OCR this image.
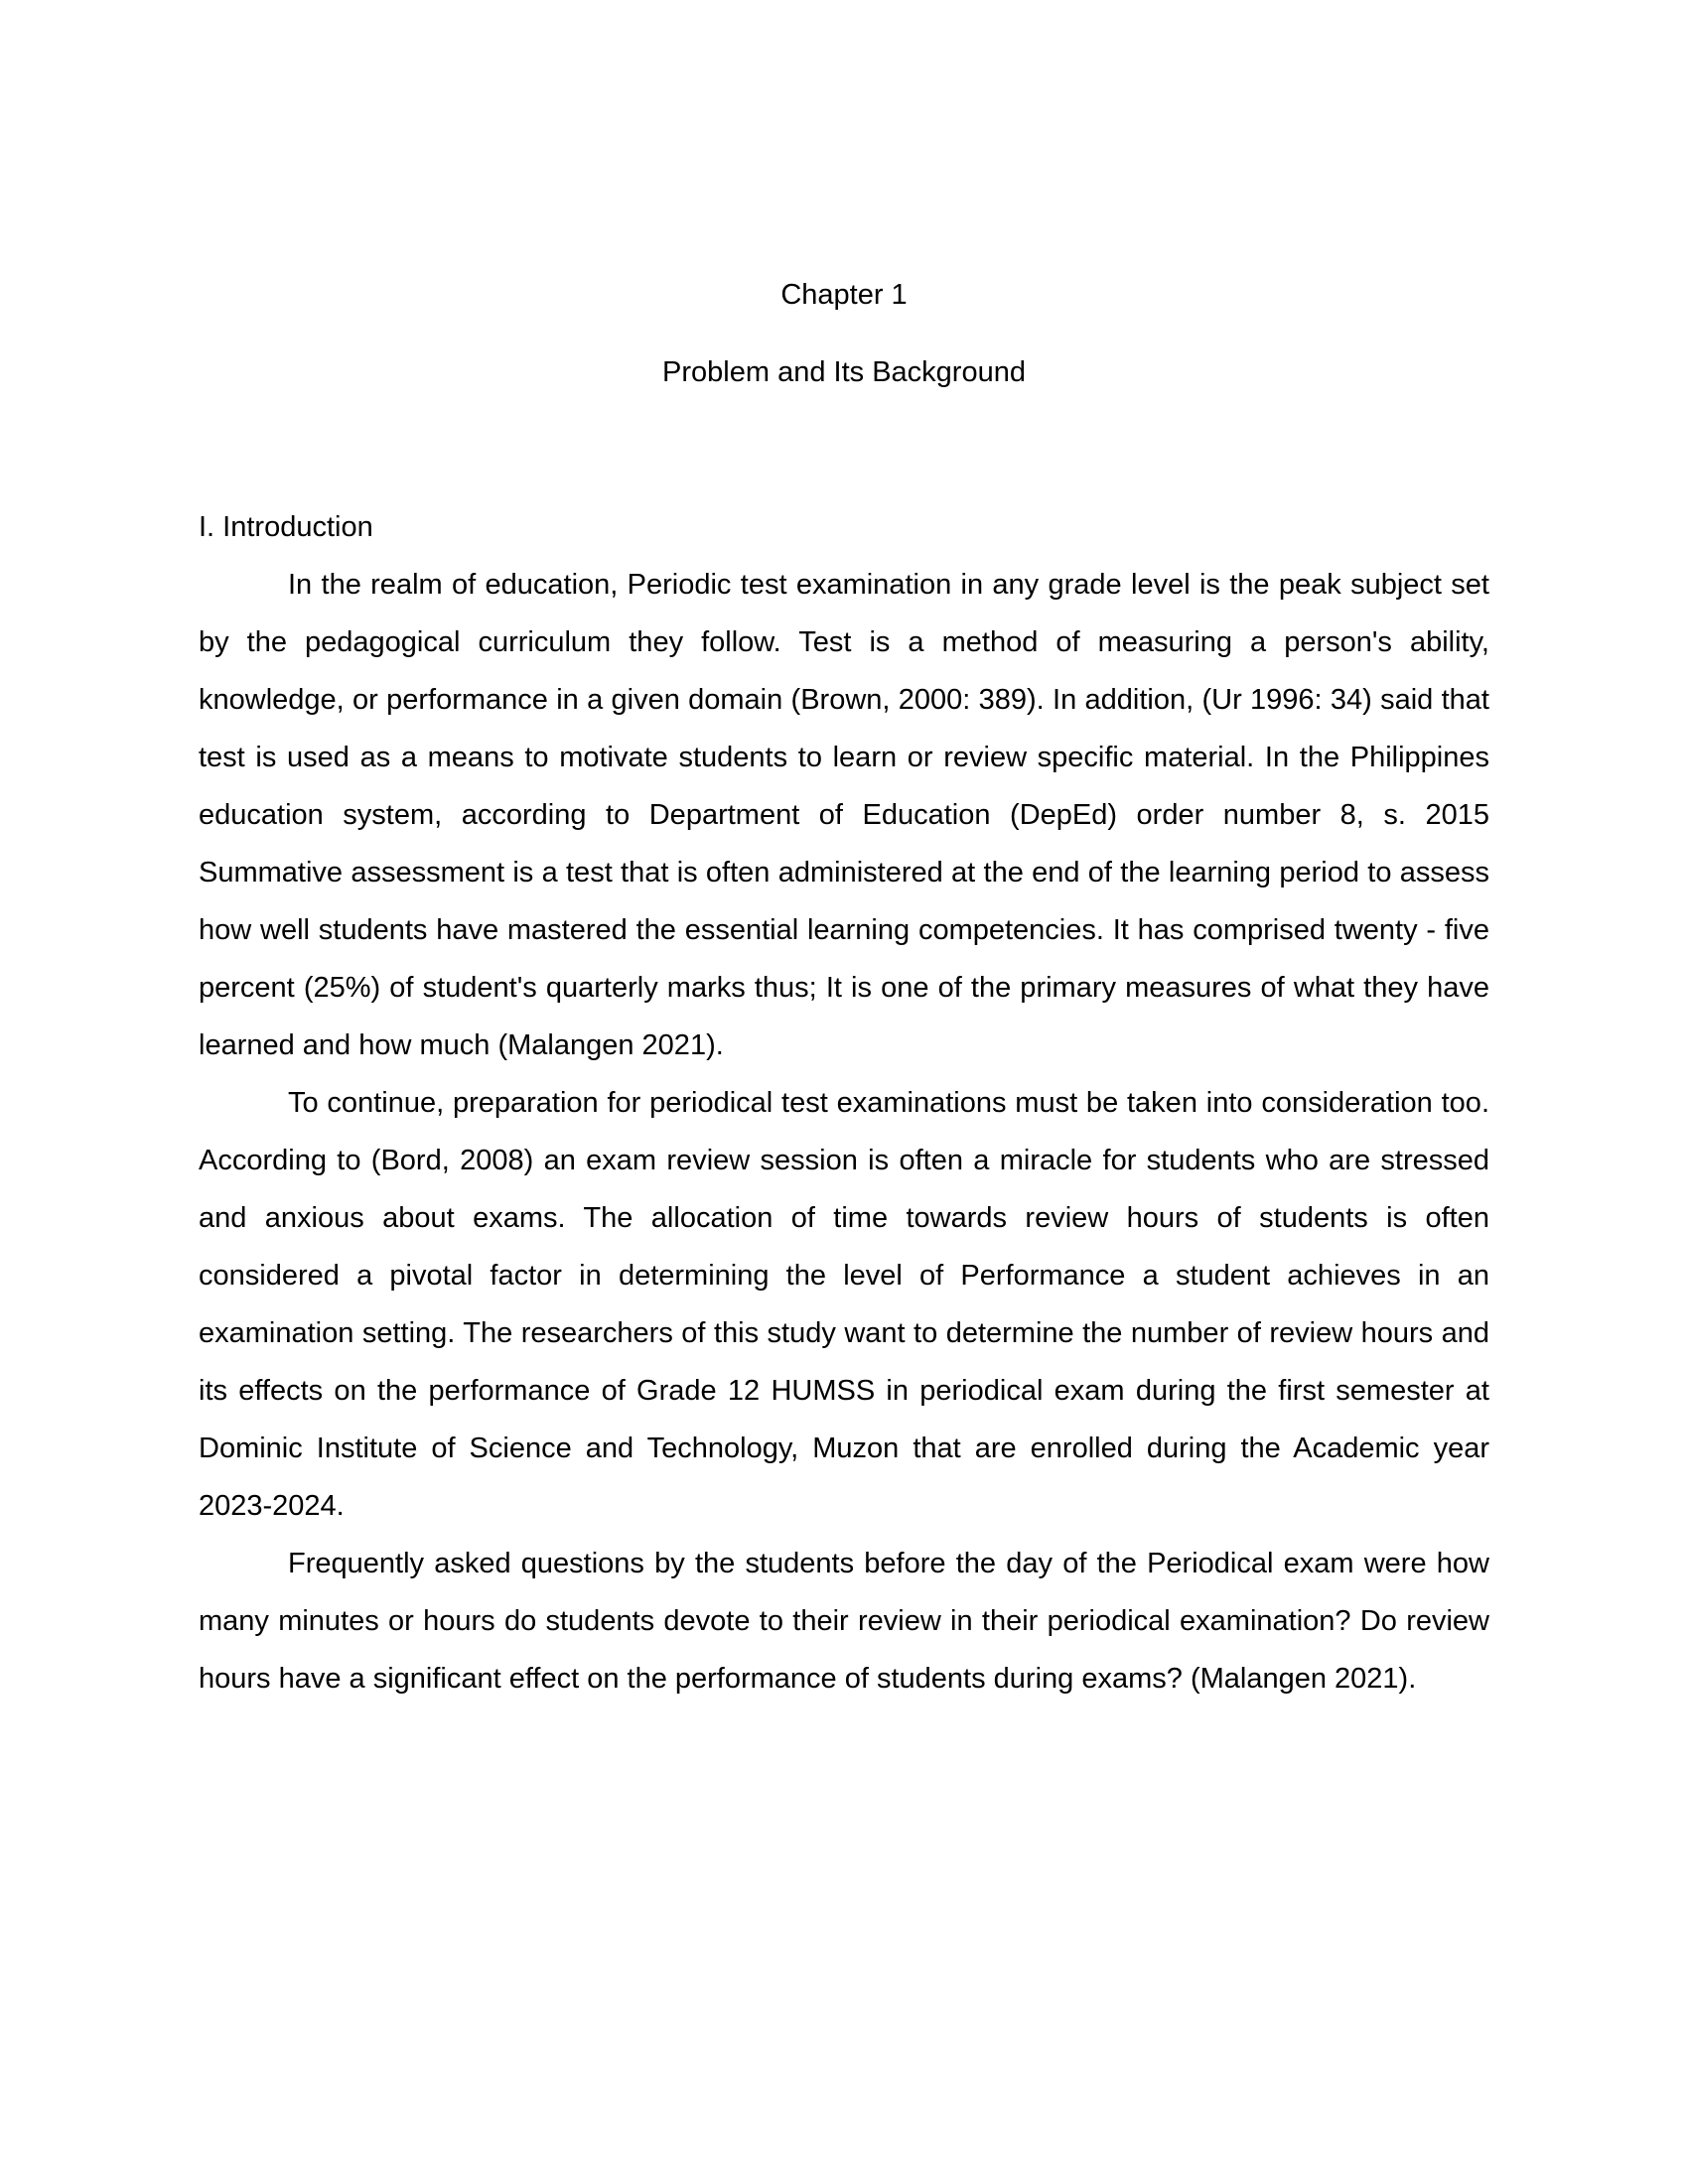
Chapter 1
Problem and Its Background
I. Introduction

In the realm of education, Periodic test examination in any grade level is the peak subject set by the pedagogical curriculum they follow. Test is a method of measuring a person's ability, knowledge, or performance in a given domain (Brown, 2000: 389). In addition, (Ur 1996: 34) said that test is used as a means to motivate students to learn or review specific material. In the Philippines education system, according to Department of Education (DepEd) order number 8, s. 2015 Summative assessment is a test that is often administered at the end of the learning period to assess how well students have mastered the essential learning competencies. It has comprised twenty - five percent (25%) of student's quarterly marks thus; It is one of the primary measures of what they have learned and how much (Malangen 2021).

To continue, preparation for periodical test examinations must be taken into consideration too. According to (Bord, 2008) an exam review session is often a miracle for students who are stressed and anxious about exams. The allocation of time towards review hours of students is often considered a pivotal factor in determining the level of Performance a student achieves in an examination setting. The researchers of this study want to determine the number of review hours and its effects on the performance of Grade 12 HUMSS in periodical exam during the first semester at Dominic Institute of Science and Technology, Muzon that are enrolled during the Academic year 2023-2024.

Frequently asked questions by the students before the day of the Periodical exam were how many minutes or hours do students devote to their review in their periodical examination? Do review hours have a significant effect on the performance of students during exams? (Malangen 2021).
